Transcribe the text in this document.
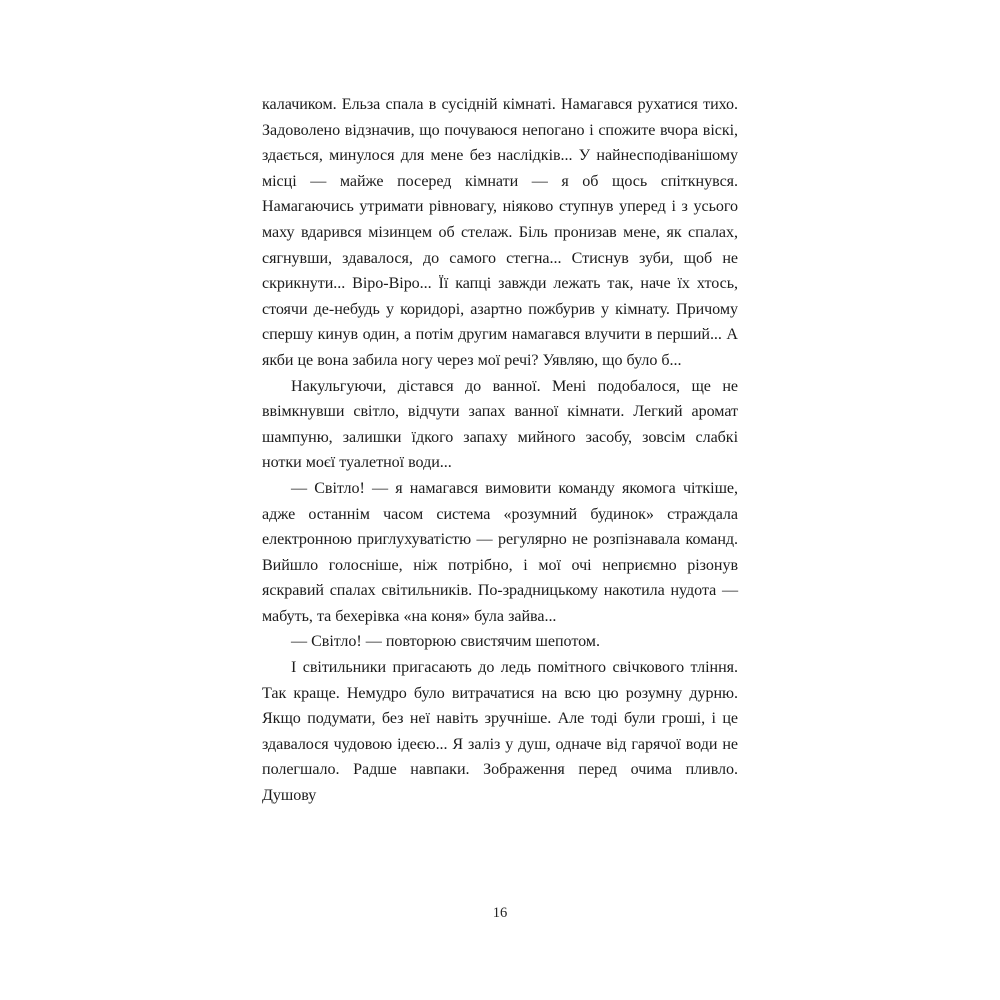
калачиком. Ельза спала в сусідній кімнаті. Намагався рухатися тихо. Задоволено відзначив, що почуваюся непогано і спожите вчора віскі, здається, минулося для мене без наслідків... У найнесподіванішому місці — майже посеред кімнати — я об щось спіткнувся. Намагаючись утримати рівновагу, ніяково ступнув уперед і з усього маху вдарився мізинцем об стелаж. Біль пронизав мене, як спалах, сягнувши, здавалося, до самого стегна... Стиснув зуби, щоб не скрикнути... Віро-Віро... Її капці завжди лежать так, наче їх хтось, стоячи де-небудь у коридорі, азартно пожбурив у кімнату. Причому спершу кинув один, а потім другим намагався влучити в перший... А якби це вона забила ногу через мої речі? Уявляю, що було б...

Накульгуючи, дістався до ванної. Мені подобалося, ще не ввімкнувши світло, відчути запах ванної кімнати. Легкий аромат шампуню, залишки їдкого запаху мийного засобу, зовсім слабкі нотки моєї туалетної води...

— Світло! — я намагався вимовити команду якомога чіткіше, адже останнім часом система «розумний будинок» страждала електронною приглухуватістю — регулярно не розпізнавала команд. Вийшло голосніше, ніж потрібно, і мої очі неприємно різонув яскравий спалах світильників. По-зрадницькому накотила нудота — мабуть, та бехерівка «на коня» була зайва...

— Світло! — повторюю свистячим шепотом.

І світильники пригасають до ледь помітного свічкового тління. Так краще. Немудро було витрачатися на всю цю розумну дурню. Якщо подумати, без неї навіть зручніше. Але тоді були гроші, і це здавалося чудовою ідеєю... Я заліз у душ, одначе від гарячої води не полегшало. Радше навпаки. Зображення перед очима пливло. Душову

16
